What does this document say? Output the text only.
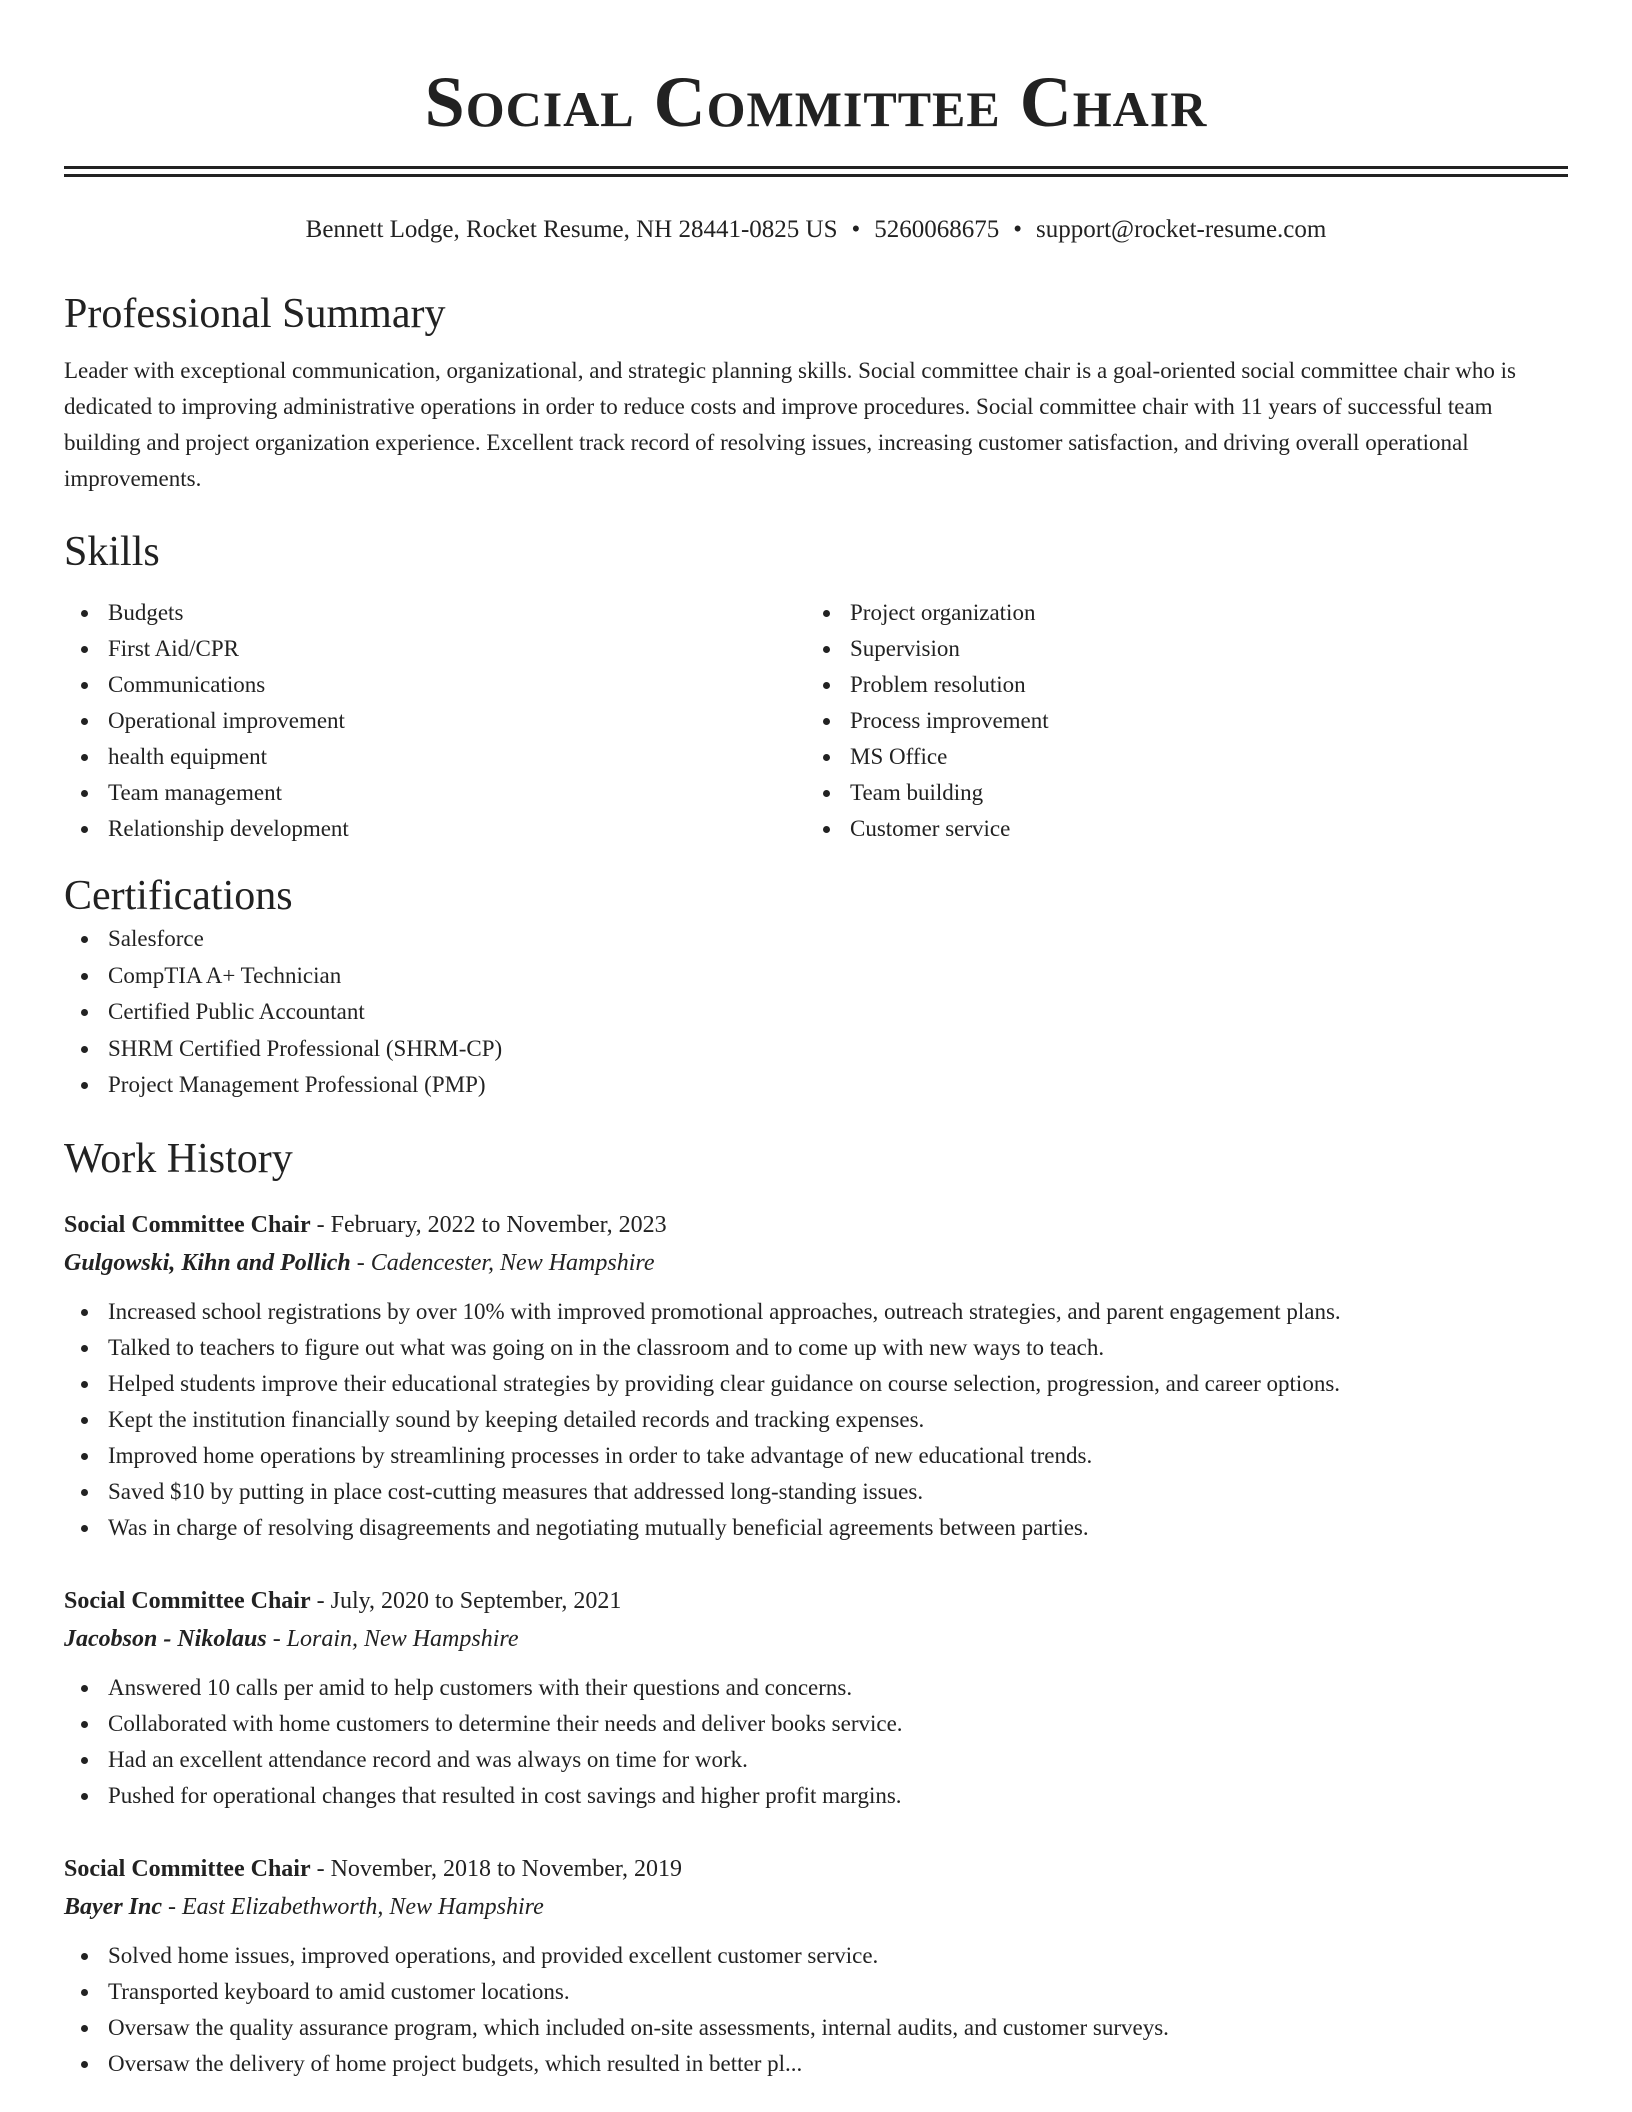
Social Committee Chair
Bennett Lodge, Rocket Resume, NH 28441-0825 US • 5260068675 • support@rocket-resume.com
Professional Summary
Leader with exceptional communication, organizational, and strategic planning skills. Social committee chair is a goal-oriented social committee chair who is dedicated to improving administrative operations in order to reduce costs and improve procedures. Social committee chair with 11 years of successful team building and project organization experience. Excellent track record of resolving issues, increasing customer satisfaction, and driving overall operational improvements.
Skills
Budgets
First Aid/CPR
Communications
Operational improvement
health equipment
Team management
Relationship development
Project organization
Supervision
Problem resolution
Process improvement
MS Office
Team building
Customer service
Certifications
Salesforce
CompTIA A+ Technician
Certified Public Accountant
SHRM Certified Professional (SHRM-CP)
Project Management Professional (PMP)
Work History
Social Committee Chair - February, 2022 to November, 2023
Gulgowski, Kihn and Pollich - Cadencester, New Hampshire
Increased school registrations by over 10% with improved promotional approaches, outreach strategies, and parent engagement plans.
Talked to teachers to figure out what was going on in the classroom and to come up with new ways to teach.
Helped students improve their educational strategies by providing clear guidance on course selection, progression, and career options.
Kept the institution financially sound by keeping detailed records and tracking expenses.
Improved home operations by streamlining processes in order to take advantage of new educational trends.
Saved $10 by putting in place cost-cutting measures that addressed long-standing issues.
Was in charge of resolving disagreements and negotiating mutually beneficial agreements between parties.
Social Committee Chair - July, 2020 to September, 2021
Jacobson - Nikolaus - Lorain, New Hampshire
Answered 10 calls per amid to help customers with their questions and concerns.
Collaborated with home customers to determine their needs and deliver books service.
Had an excellent attendance record and was always on time for work.
Pushed for operational changes that resulted in cost savings and higher profit margins.
Social Committee Chair - November, 2018 to November, 2019
Bayer Inc - East Elizabethworth, New Hampshire
Solved home issues, improved operations, and provided excellent customer service.
Transported keyboard to amid customer locations.
Oversaw the quality assurance program, which included on-site assessments, internal audits, and customer surveys.
Oversaw the delivery of home project budgets, which resulted in better pl...
